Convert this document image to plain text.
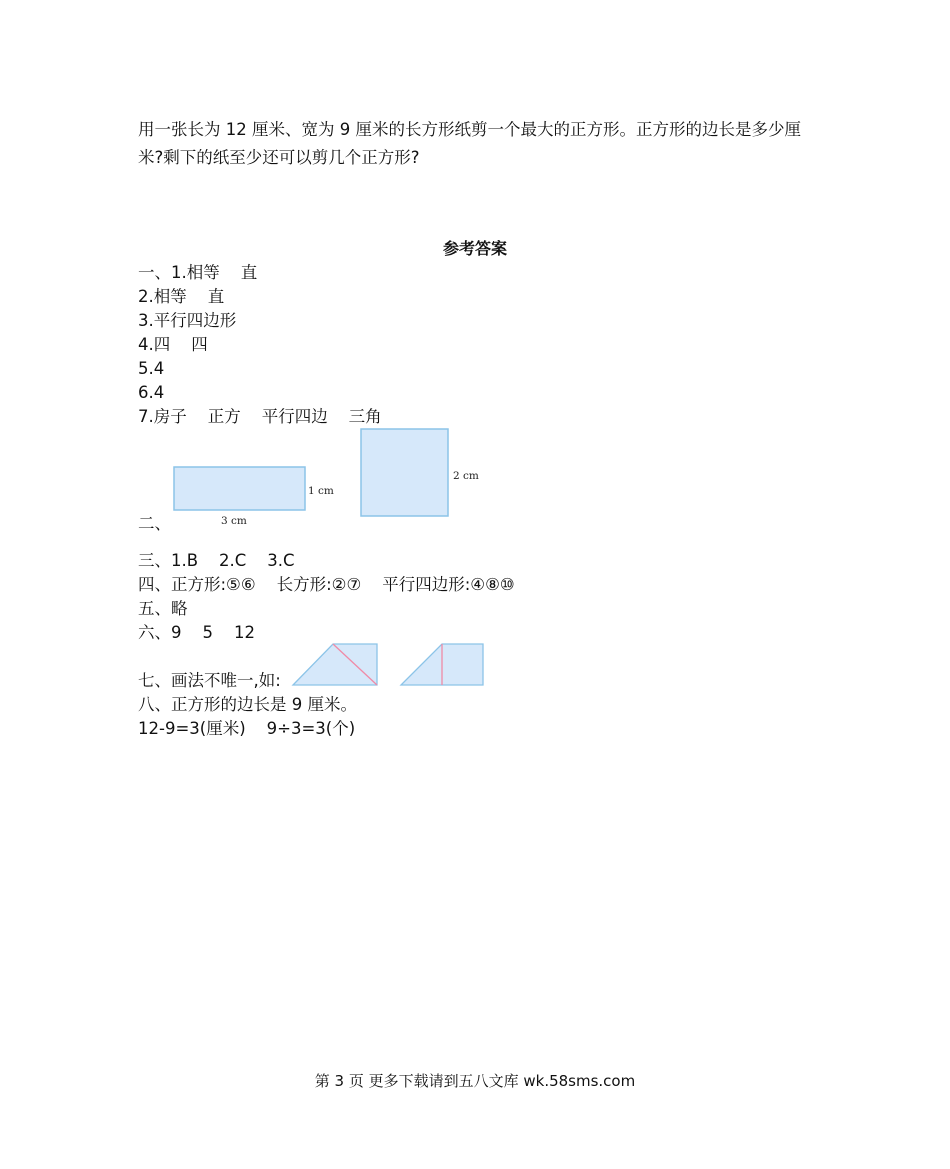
用一张长为 12 厘米、宽为 9 厘米的长方形纸剪一个最大的正方形。正方形的边长是多少厘米?剩下的纸至少还可以剪几个正方形?

参考答案

一、1.相等    直

2.相等    直

3.平行四边形

4.四    四

5.4

6.4

7.房子    正方    平行四边    三角

1 cm
3 cm
2 cm

二、

三、1.B    2.C    3.C

四、正方形:⑤⑥    长方形:②⑦    平行四边形:④⑧⑩

五、略

六、9    5    12

七、画法不唯一,如:

八、正方形的边长是 9 厘米。

12-9=3(厘米)    9÷3=3(个)

第 3 页 更多下载请到五八文库 wk.58sms.com
